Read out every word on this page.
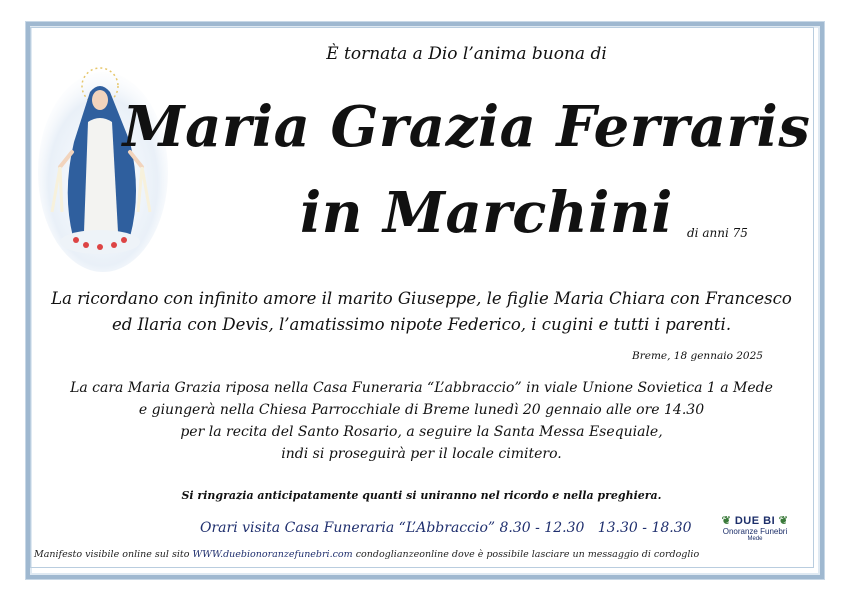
È tornata a Dio l’anima buona di
Maria Grazia Ferraris
in Marchini di anni 75
La ricordano con infinito amore il marito Giuseppe, le figlie Maria Chiara con Francesco
ed Ilaria con Devis, l’amatissimo nipote Federico, i cugini e tutti i parenti.
Breme, 18 gennaio 2025
La cara Maria Grazia riposa nella Casa Funeraria “L’abbraccio” in viale Unione Sovietica 1 a Mede
e giungerà nella Chiesa Parrocchiale di Breme lunedì 20 gennaio alle ore 14.30
per la recita del Santo Rosario, a seguire la Santa Messa Esequiale,
indi si proseguirà per il locale cimitero.
Si ringrazia anticipatamente quanti si uniranno nel ricordo e nella preghiera.
Orari visita Casa Funeraria “L’Abbraccio” 8.30 - 12.30   13.30 - 18.30
Manifesto visibile online sul sito WWW.duebionoranzefunebri.com condoglianzeonline dove è possibile lasciare un messaggio di cordoglio
❦ DUE BI ❦
Onoranze Funebri
Mede
